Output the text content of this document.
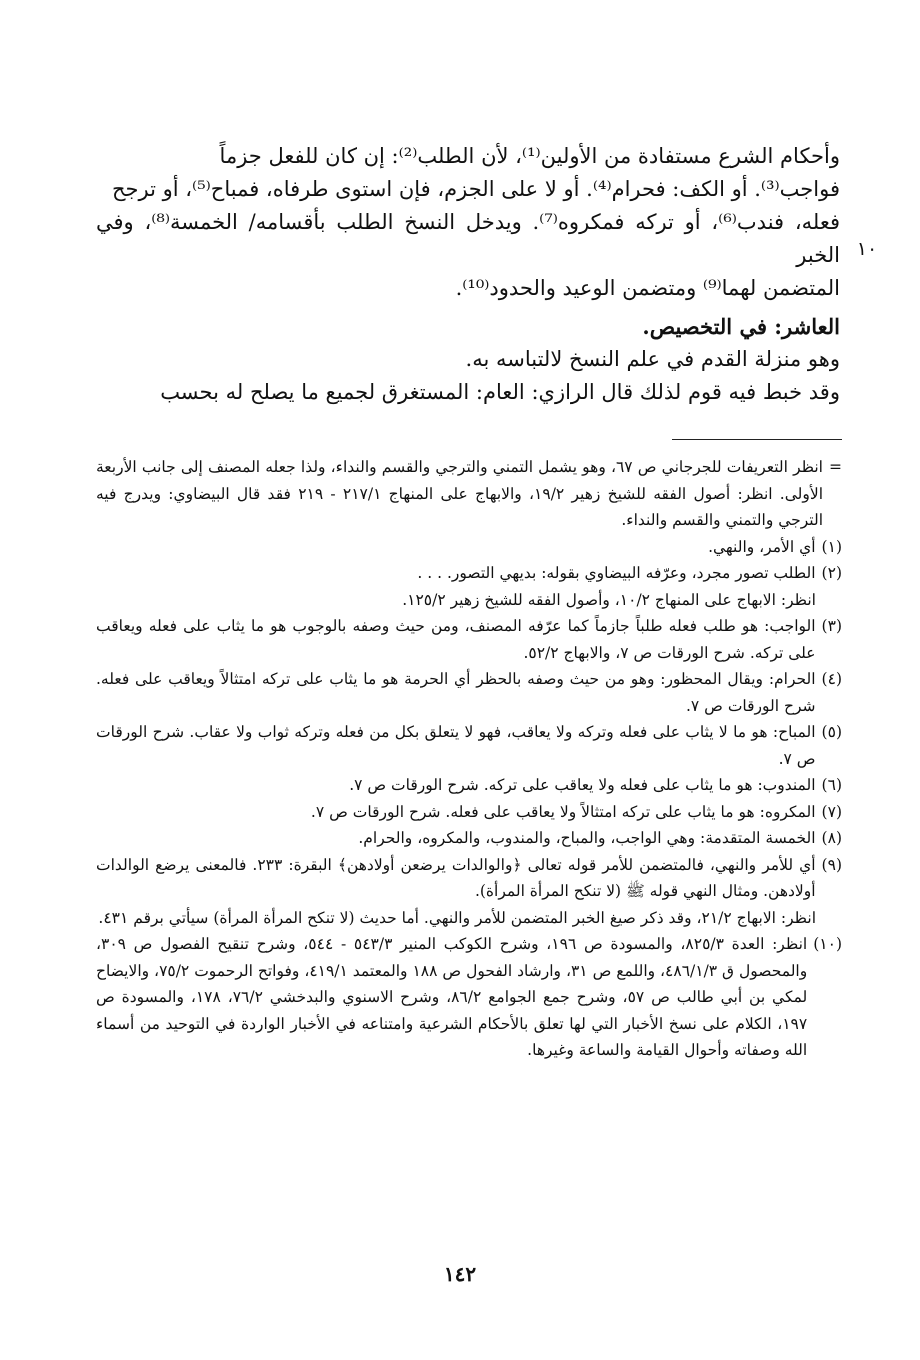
وأحكام الشرع مستفادة من الأولين⁽¹⁾، لأن الطلب⁽²⁾: إن كان للفعل جزماً

فواجب⁽³⁾. أو الكف: فحرام⁽⁴⁾. أو لا على الجزم، فإن استوى طرفاه، فمباح⁽⁵⁾، أو ترجح

فعله، فندب⁽⁶⁾، أو تركه فمكروه⁽⁷⁾. ويدخل النسخ الطلب بأقسامه/ الخمسة⁽⁸⁾، وفي الخبر

المتضمن لهما⁽⁹⁾ ومتضمن الوعيد والحدود⁽¹⁰⁾.

١٠

العاشر: في التخصيص.

وهو منزلة القدم في علم النسخ لالتباسه به.

وقد خبط فيه قوم لذلك قال الرازي: العام: المستغرق لجميع ما يصلح له بحسب

=
انظر التعريفات للجرجاني ص ٦٧، وهو يشمل التمني والترجي والقسم والنداء، ولذا جعله المصنف إلى جانب الأربعة الأولى. انظر: أصول الفقه للشيخ زهير ١٩/٢، والابهاج على المنهاج ٢١٧/١ - ٢١٩ فقد قال البيضاوي: ويدرج فيه الترجي والتمني والقسم والنداء.
(١)
أي الأمر، والنهي.
(٢)
الطلب تصور مجرد، وعرّفه البيضاوي بقوله: بديهي التصور. . . .
انظر: الابهاج على المنهاج ١٠/٢، وأصول الفقه للشيخ زهير ١٢٥/٢.
(٣)
الواجب: هو طلب فعله طلباً جازماً كما عرّفه المصنف، ومن حيث وصفه بالوجوب هو ما يثاب على فعله ويعاقب على تركه. شرح الورقات ص ٧، والابهاج ٥٢/٢.
(٤)
الحرام: ويقال المحظور: وهو من حيث وصفه بالحظر أي الحرمة هو ما يثاب على تركه امتثالاً ويعاقب على فعله. شرح الورقات ص ٧.
(٥)
المباح: هو ما لا يثاب على فعله وتركه ولا يعاقب، فهو لا يتعلق بكل من فعله وتركه ثواب ولا عقاب. شرح الورقات ص ٧.
(٦)
المندوب: هو ما يثاب على فعله ولا يعاقب على تركه. شرح الورقات ص ٧.
(٧)
المكروه: هو ما يثاب على تركه امتثالاً ولا يعاقب على فعله. شرح الورقات ص ٧.
(٨)
الخمسة المتقدمة: وهي الواجب، والمباح، والمندوب، والمكروه، والحرام.
(٩)
أي للأمر والنهي، فالمتضمن للأمر قوله تعالى ﴿والوالدات يرضعن أولادهن﴾ البقرة: ٢٣٣. فالمعنى يرضع الوالدات أولادهن. ومثال النهي قوله ﷺ (لا تنكح المرأة المرأة).
انظر: الابهاج ٢١/٢، وقد ذكر صيغ الخبر المتضمن للأمر والنهي. أما حديث (لا تنكح المرأة المرأة) سيأتي برقم ٤٣١.
(١٠)
انظر: العدة ٨٢٥/٣، والمسودة ص ١٩٦، وشرح الكوكب المنير ٥٤٣/٣ - ٥٤٤، وشرح تنقيح الفصول ص ٣٠٩، والمحصول ق ٤٨٦/١/٣، واللمع ص ٣١، وارشاد الفحول ص ١٨٨ والمعتمد ٤١٩/١، وفواتح الرحموت ٧٥/٢، والايضاح لمكي بن أبي طالب ص ٥٧، وشرح جمع الجوامع ٨٦/٢، وشرح الاسنوي والبدخشي ٧٦/٢، ١٧٨، والمسودة ص ١٩٧، الكلام على نسخ الأخبار التي لها تعلق بالأحكام الشرعية وامتناعه في الأخبار الواردة في التوحيد من أسماء الله وصفاته وأحوال القيامة والساعة وغيرها.
١٤٢
